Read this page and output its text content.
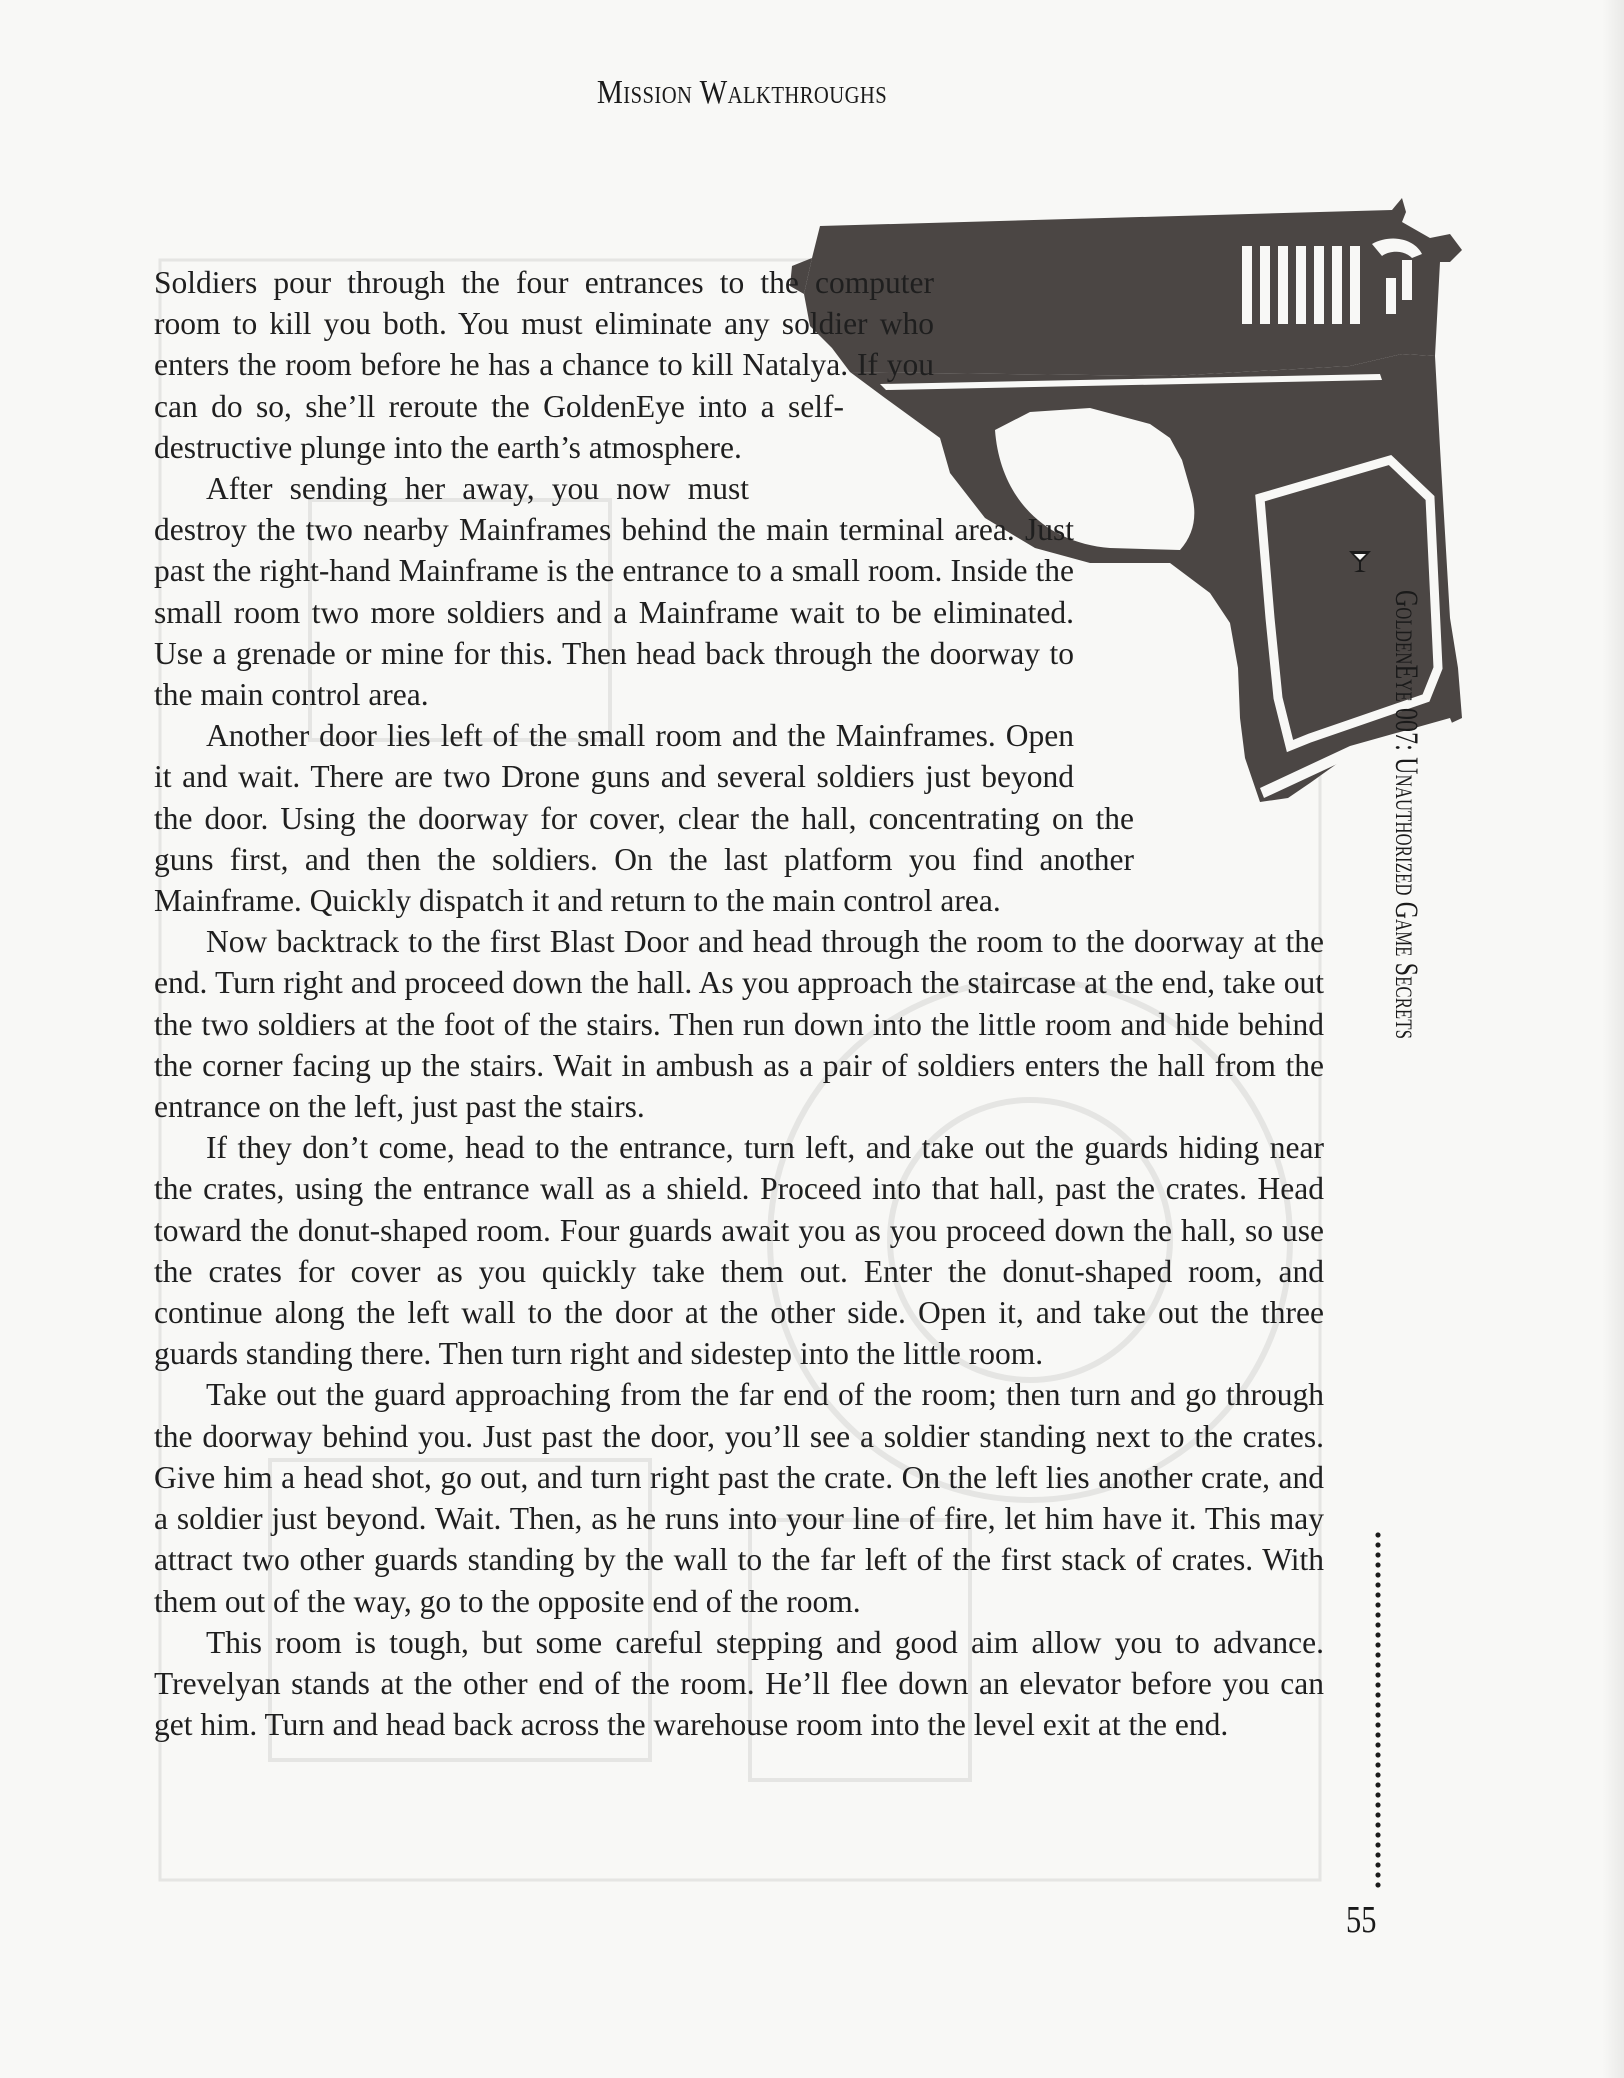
Mission Walkthroughs

Soldiers pour through the four entrances to the computer room to kill you both. You must eliminate any soldier who enters the room before he has a chance to kill Natalya. If you can do so, she’ll reroute the GoldenEye into a self-destructive plunge into the earth’s atmosphere.

After sending her away, you now must destroy the two nearby Mainframes behind the main terminal area. Just past the right-hand Mainframe is the entrance to a small room. Inside the small room two more soldiers and a Mainframe wait to be eliminated. Use a grenade or mine for this. Then head back through the doorway to the main control area.

Another door lies left of the small room and the Mainframes. Open it and wait. There are two Drone guns and several soldiers just beyond the door. Using the doorway for cover, clear the hall, concentrating on the guns first, and then the soldiers. On the last platform you find another Mainframe. Quickly dispatch it and return to the main control area.

Now backtrack to the first Blast Door and head through the room to the doorway at the end. Turn right and proceed down the hall. As you approach the staircase at the end, take out the two soldiers at the foot of the stairs. Then run down into the little room and hide behind the corner facing up the stairs. Wait in ambush as a pair of soldiers enters the hall from the entrance on the left, just past the stairs.

If they don’t come, head to the entrance, turn left, and take out the guards hiding near the crates, using the entrance wall as a shield. Proceed into that hall, past the crates. Head toward the donut-shaped room. Four guards await you as you proceed down the hall, so use the crates for cover as you quickly take them out. Enter the donut-shaped room, and continue along the left wall to the door at the other side. Open it, and take out the three guards standing there. Then turn right and sidestep into the little room.

Take out the guard approaching from the far end of the room; then turn and go through the doorway behind you. Just past the door, you’ll see a soldier standing next to the crates. Give him a head shot, go out, and turn right past the crate. On the left lies another crate, and a soldier just beyond. Wait. Then, as he runs into your line of fire, let him have it. This may attract two other guards standing by the wall to the far left of the first stack of crates. With them out of the way, go to the opposite end of the room.

This room is tough, but some careful stepping and good aim allow you to advance. Trevelyan stands at the other end of the room. He’ll flee down an elevator before you can get him. Turn and head back across the warehouse room into the level exit at the end.

GoldenEye 007: Unauthorized Game Secrets
55
